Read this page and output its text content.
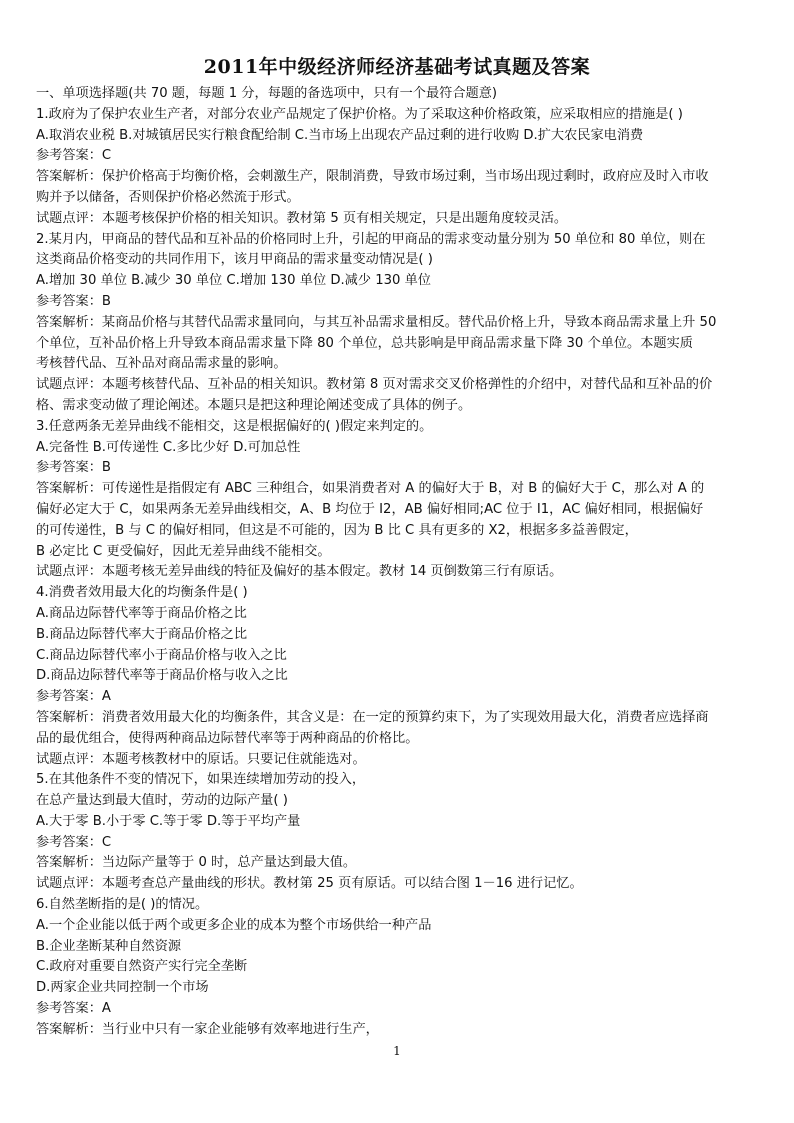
2011年中级经济师经济基础考试真题及答案
一、单项选择题(共 70 题，每题 1 分，每题的备选项中，只有一个最符合题意)
1.政府为了保护农业生产者，对部分农业产品规定了保护价格。为了采取这种价格政策，应采取相应的措施是( )
A.取消农业税 B.对城镇居民实行粮食配给制 C.当市场上出现农产品过剩的进行收购 D.扩大农民家电消费
参考答案：C
答案解析：保护价格高于均衡价格，会刺激生产，限制消费，导致市场过剩，当市场出现过剩时，政府应及时入市收
购并予以储备，否则保护价格必然流于形式。
试题点评：本题考核保护价格的相关知识。教材第 5 页有相关规定，只是出题角度较灵活。
2.某月内，甲商品的替代品和互补品的价格同时上升，引起的甲商品的需求变动量分别为 50 单位和 80 单位，则在
这类商品价格变动的共同作用下，该月甲商品的需求量变动情况是( )
A.增加 30 单位 B.减少 30 单位 C.增加 130 单位 D.减少 130 单位
参考答案：B
答案解析：某商品价格与其替代品需求量同向，与其互补品需求量相反。替代品价格上升，导致本商品需求量上升 50
个单位，互补品价格上升导致本商品需求量下降 80 个单位，总共影响是甲商品需求量下降 30 个单位。本题实质
考核替代品、互补品对商品需求量的影响。
试题点评：本题考核替代品、互补品的相关知识。教材第 8 页对需求交叉价格弹性的介绍中，对替代品和互补品的价
格、需求变动做了理论阐述。本题只是把这种理论阐述变成了具体的例子。
3.任意两条无差异曲线不能相交，这是根据偏好的( )假定来判定的。
A.完备性 B.可传递性 C.多比少好 D.可加总性
参考答案：B
答案解析：可传递性是指假定有 ABC 三种组合，如果消费者对 A 的偏好大于 B，对 B 的偏好大于 C，那么对 A 的
偏好必定大于 C，如果两条无差异曲线相交，A、B 均位于 I2，AB 偏好相同;AC 位于 I1，AC 偏好相同，根据偏好
的可传递性，B 与 C 的偏好相同，但这是不可能的，因为 B 比 C 具有更多的 X2，根据多多益善假定，
B 必定比 C 更受偏好，因此无差异曲线不能相交。
试题点评：本题考核无差异曲线的特征及偏好的基本假定。教材 14 页倒数第三行有原话。
4.消费者效用最大化的均衡条件是( )
A.商品边际替代率等于商品价格之比
B.商品边际替代率大于商品价格之比
C.商品边际替代率小于商品价格与收入之比
D.商品边际替代率等于商品价格与收入之比
参考答案：A
答案解析：消费者效用最大化的均衡条件，其含义是：在一定的预算约束下，为了实现效用最大化，消费者应选择商
品的最优组合，使得两种商品边际替代率等于两种商品的价格比。
试题点评：本题考核教材中的原话。只要记住就能选对。
5.在其他条件不变的情况下，如果连续增加劳动的投入，
在总产量达到最大值时，劳动的边际产量( )
A.大于零 B.小于零 C.等于零 D.等于平均产量
参考答案：C
答案解析：当边际产量等于 0 时，总产量达到最大值。
试题点评：本题考查总产量曲线的形状。教材第 25 页有原话。可以结合图 1－16 进行记忆。
6.自然垄断指的是( )的情况。
A.一个企业能以低于两个或更多企业的成本为整个市场供给一种产品
B.企业垄断某种自然资源
C.政府对重要自然资产实行完全垄断
D.两家企业共同控制一个市场
参考答案：A
答案解析：当行业中只有一家企业能够有效率地进行生产，
1
